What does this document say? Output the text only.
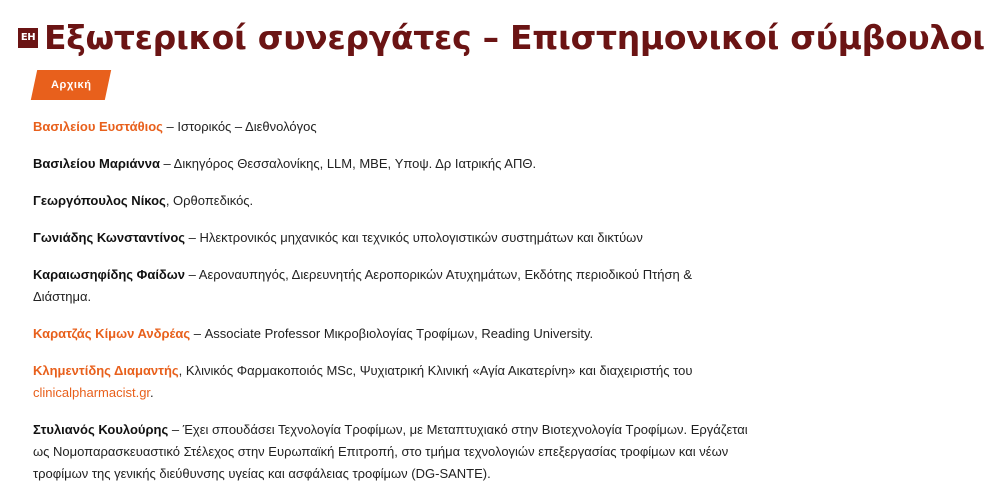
ΕΗ Εξωτερικοί συνεργάτες – Επιστημονικοί σύμβουλοι
Αρχική

Βασιλείου Ευστάθιος – Ιστορικός – Διεθνολόγος

Βασιλείου Μαριάννα – Δικηγόρος Θεσσαλονίκης, LLM, MBE, Υποψ. Δρ Ιατρικής ΑΠΘ.

Γεωργόπουλος Νίκος, Ορθοπεδικός.

Γωνιάδης Κωνσταντίνος – Ηλεκτρονικός μηχανικός και τεχνικός υπολογιστικών συστημάτων και δικτύων

Καραιωσηφίδης Φαίδων – Αεροναυπηγός, Διερευνητής Αεροπορικών Ατυχημάτων, Εκδότης περιοδικού Πτήση & Διάστημα.

Καρατζάς Κίμων Ανδρέας – Associate Professor Μικροβιολογίας Τροφίμων, Reading University.

Κλημεντίδης Διαμαντής, Κλινικός Φαρμακοποιός MSc, Ψυχιατρική Κλινική «Αγία Αικατερίνη» και διαχειριστής του clinicalpharmacist.gr.

Στυλιανός Κουλούρης – Έχει σπουδάσει Τεχνολογία Τροφίμων, με Μεταπτυχιακό στην Βιοτεχνολογία Τροφίμων. Εργάζεται ως Νομοπαρασκευαστικό Στέλεχος στην Ευρωπαϊκή Επιτροπή, στο τμήμα τεχνολογιών επεξεργασίας τροφίμων και νέων τροφίμων της γενικής διεύθυνσης υγείας και ασφάλειας τροφίμων (DG-SANTE).
